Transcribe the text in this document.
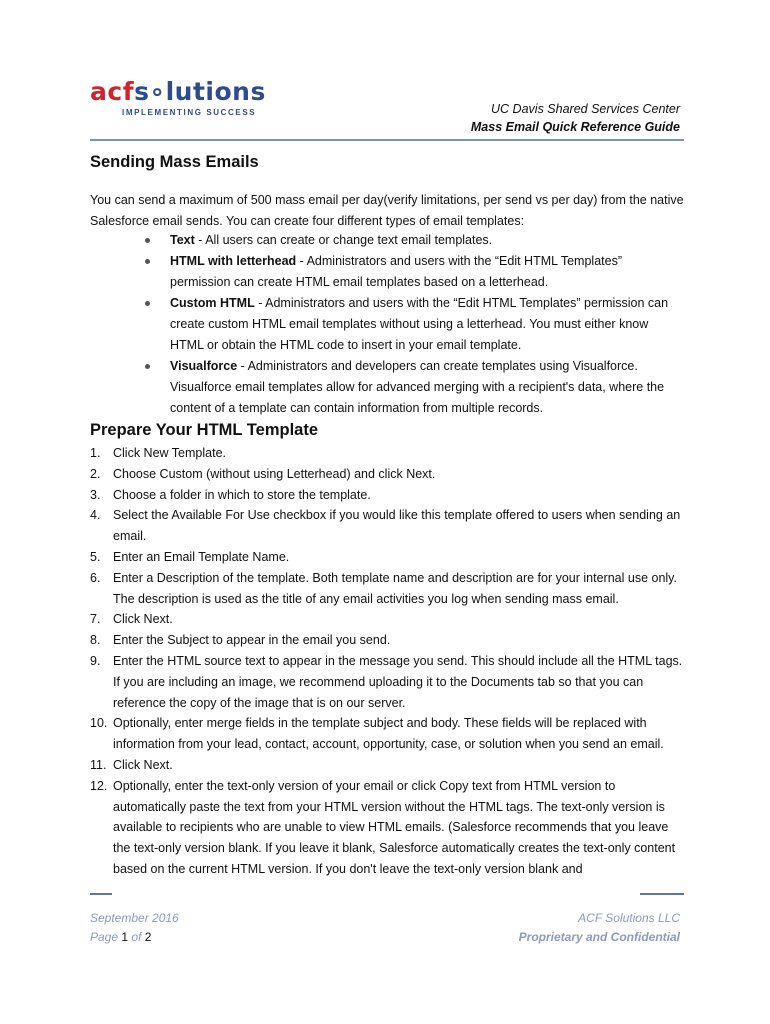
acfs∘lutions
IMPLEMENTING SUCCESS	UC Davis Shared Services Center
Mass Email Quick Reference Guide
Sending Mass Emails
You can send a maximum of 500 mass email per day(verify limitations, per send vs per day) from the native Salesforce email sends. You can create four different types of email templates:
Text - All users can create or change text email templates.
HTML with letterhead - Administrators and users with the “Edit HTML Templates” permission can create HTML email templates based on a letterhead.
Custom HTML - Administrators and users with the “Edit HTML Templates” permission can create custom HTML email templates without using a letterhead. You must either know HTML or obtain the HTML code to insert in your email template.
Visualforce - Administrators and developers can create templates using Visualforce. Visualforce email templates allow for advanced merging with a recipient's data, where the content of a template can contain information from multiple records.
Prepare Your HTML Template
1. Click New Template.
2. Choose Custom (without using Letterhead) and click Next.
3. Choose a folder in which to store the template.
4. Select the Available For Use checkbox if you would like this template offered to users when sending an email.
5. Enter an Email Template Name.
6. Enter a Description of the template. Both template name and description are for your internal use only. The description is used as the title of any email activities you log when sending mass email.
7. Click Next.
8. Enter the Subject to appear in the email you send.
9. Enter the HTML source text to appear in the message you send. This should include all the HTML tags. If you are including an image, we recommend uploading it to the Documents tab so that you can reference the copy of the image that is on our server.
10. Optionally, enter merge fields in the template subject and body. These fields will be replaced with information from your lead, contact, account, opportunity, case, or solution when you send an email.
11. Click Next.
12. Optionally, enter the text-only version of your email or click Copy text from HTML version to automatically paste the text from your HTML version without the HTML tags. The text-only version is available to recipients who are unable to view HTML emails. (Salesforce recommends that you leave the text-only version blank. If you leave it blank, Salesforce automatically creates the text-only content based on the current HTML version. If you don't leave the text-only version blank and
September 2016
Page 1 of 2
ACF Solutions LLC
Proprietary and Confidential
